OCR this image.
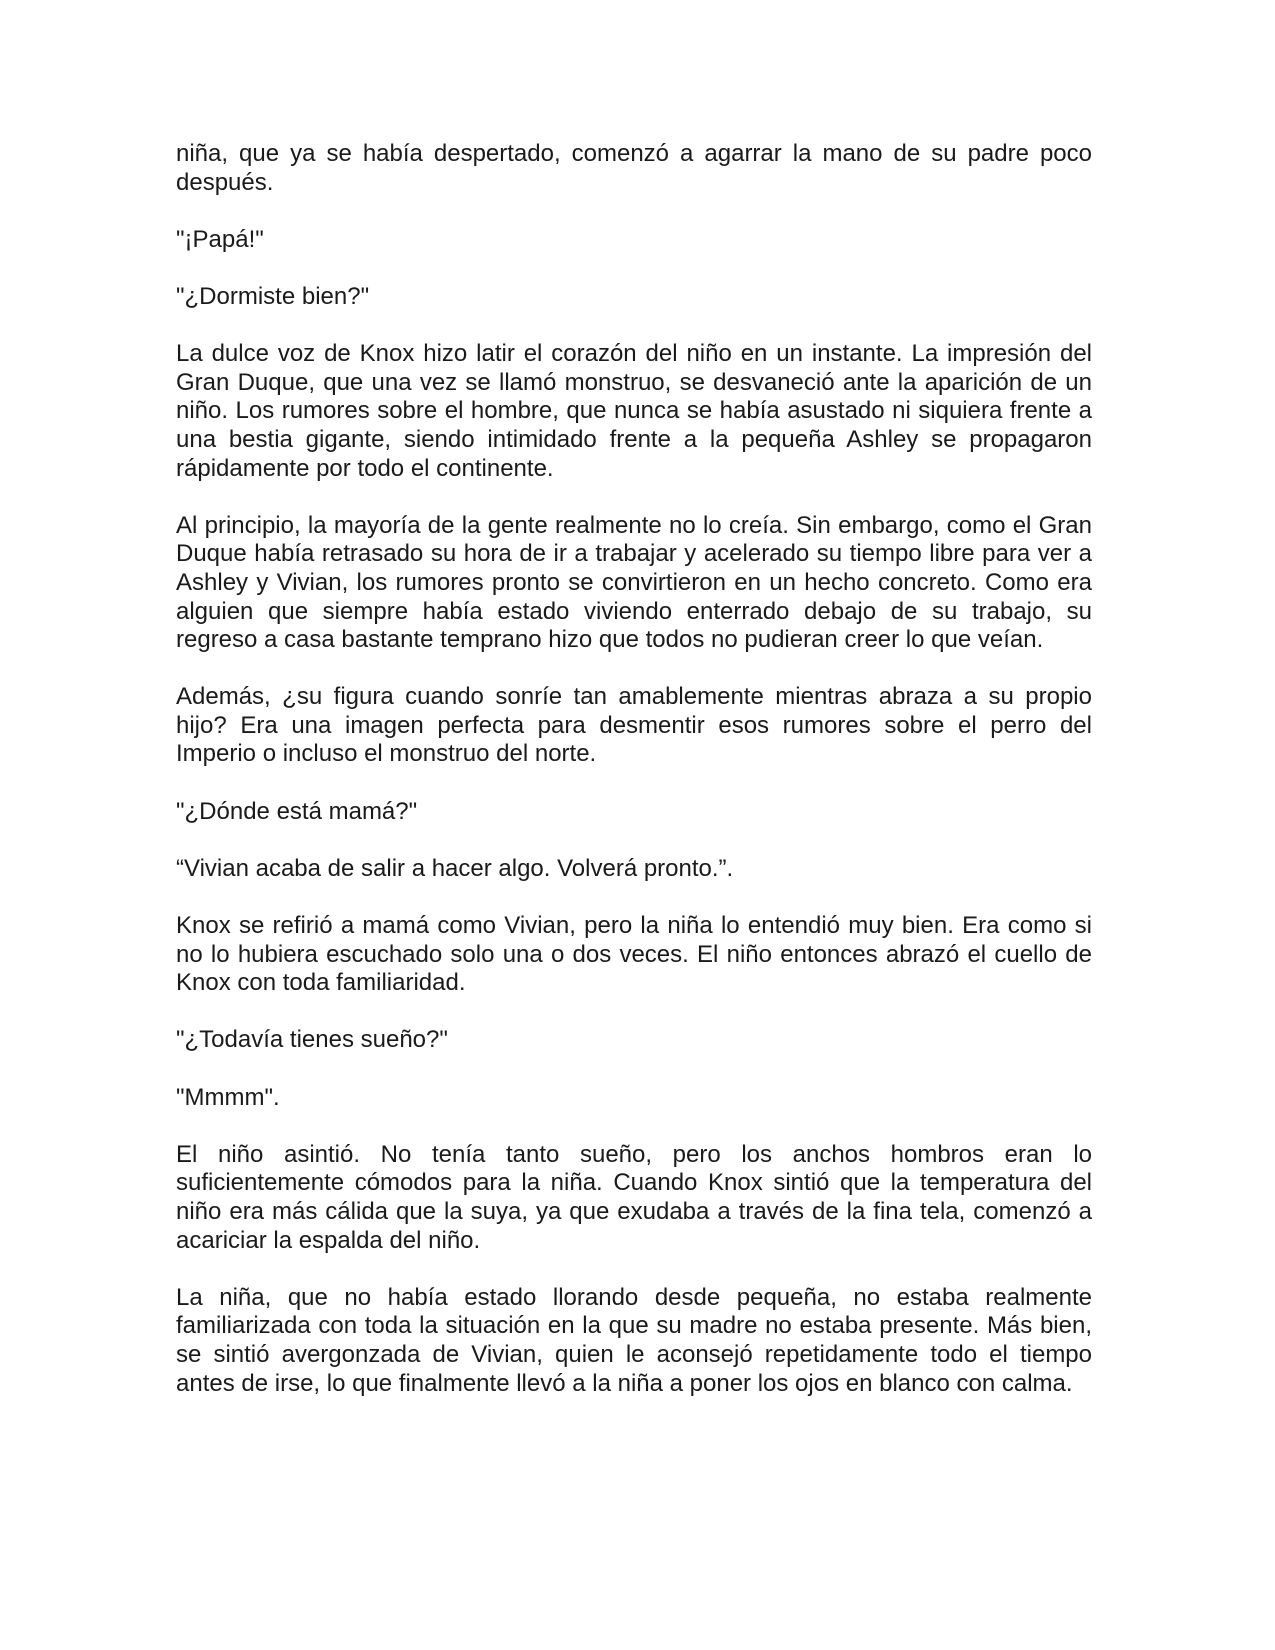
niña, que ya se había despertado, comenzó a agarrar la mano de su padre poco después.

"¡Papá!"

"¿Dormiste bien?"

La dulce voz de Knox hizo latir el corazón del niño en un instante. La impresión del Gran Duque, que una vez se llamó monstruo, se desvaneció ante la aparición de un niño. Los rumores sobre el hombre, que nunca se había asustado ni siquiera frente a una bestia gigante, siendo intimidado frente a la pequeña Ashley se propagaron rápidamente por todo el continente.

Al principio, la mayoría de la gente realmente no lo creía. Sin embargo, como el Gran Duque había retrasado su hora de ir a trabajar y acelerado su tiempo libre para ver a Ashley y Vivian, los rumores pronto se convirtieron en un hecho concreto. Como era alguien que siempre había estado viviendo enterrado debajo de su trabajo, su regreso a casa bastante temprano hizo que todos no pudieran creer lo que veían.

Además, ¿su figura cuando sonríe tan amablemente mientras abraza a su propio hijo? Era una imagen perfecta para desmentir esos rumores sobre el perro del Imperio o incluso el monstruo del norte.

"¿Dónde está mamá?"

“Vivian acaba de salir a hacer algo. Volverá pronto.”.

Knox se refirió a mamá como Vivian, pero la niña lo entendió muy bien. Era como si no lo hubiera escuchado solo una o dos veces. El niño entonces abrazó el cuello de Knox con toda familiaridad.

"¿Todavía tienes sueño?"

"Mmmm".

El niño asintió. No tenía tanto sueño, pero los anchos hombros eran lo suficientemente cómodos para la niña. Cuando Knox sintió que la temperatura del niño era más cálida que la suya, ya que exudaba a través de la fina tela, comenzó a acariciar la espalda del niño.

La niña, que no había estado llorando desde pequeña, no estaba realmente familiarizada con toda la situación en la que su madre no estaba presente. Más bien, se sintió avergonzada de Vivian, quien le aconsejó repetidamente todo el tiempo antes de irse, lo que finalmente llevó a la niña a poner los ojos en blanco con calma.
